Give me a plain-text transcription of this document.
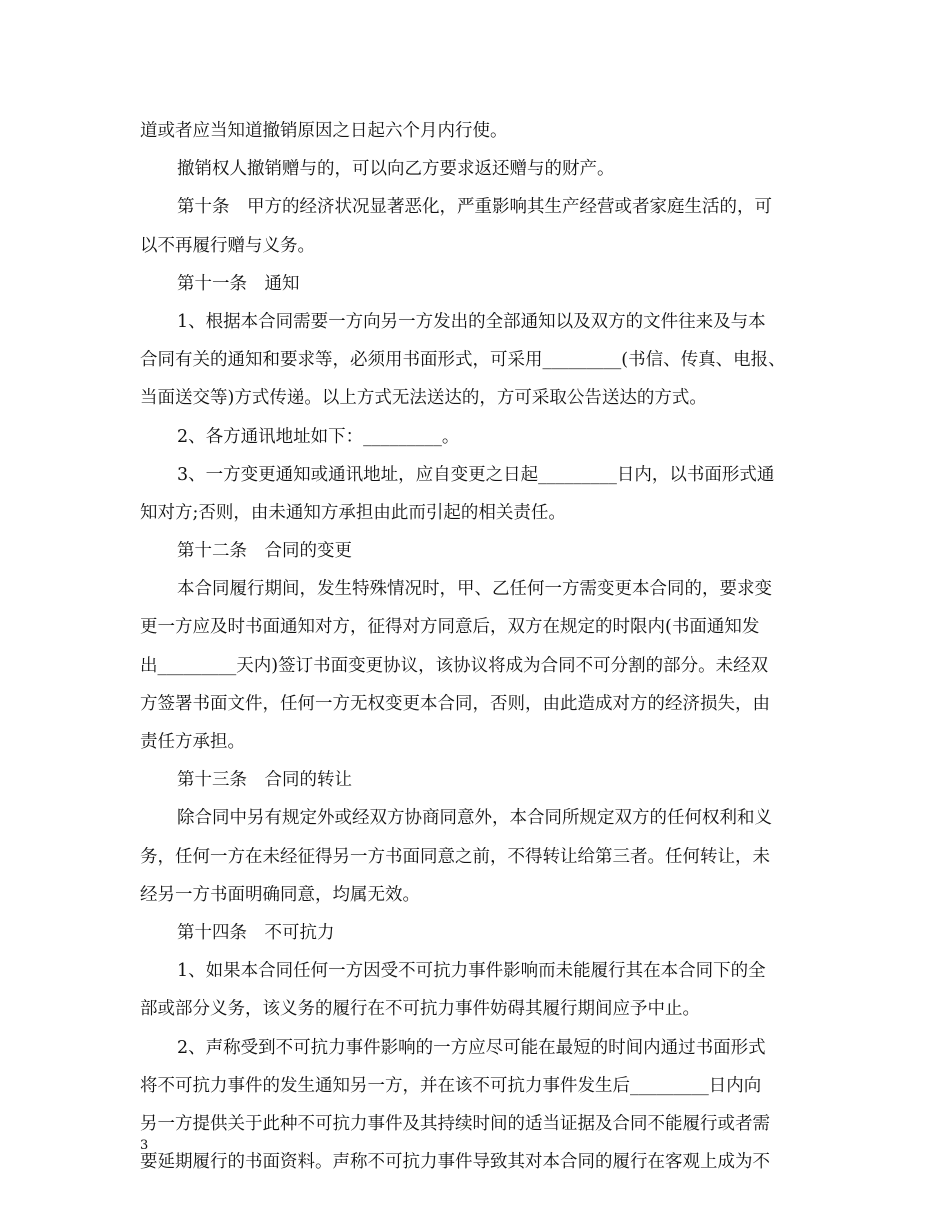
道或者应当知道撤销原因之日起六个月内行使。
撤销权人撤销赠与的，可以向乙方要求返还赠与的财产。
第十条　甲方的经济状况显著恶化，严重影响其生产经营或者家庭生活的，可
以不再履行赠与义务。
第十一条　通知
1、根据本合同需要一方向另一方发出的全部通知以及双方的文件往来及与本
合同有关的通知和要求等，必须用书面形式，可采用_________(书信、传真、电报、
当面送交等)方式传递。以上方式无法送达的，方可采取公告送达的方式。
2、各方通讯地址如下：_________。
3、一方变更通知或通讯地址，应自变更之日起_________日内，以书面形式通
知对方;否则，由未通知方承担由此而引起的相关责任。
第十二条　合同的变更
本合同履行期间，发生特殊情况时，甲、乙任何一方需变更本合同的，要求变
更一方应及时书面通知对方，征得对方同意后，双方在规定的时限内(书面通知发
出_________天内)签订书面变更协议，该协议将成为合同不可分割的部分。未经双
方签署书面文件，任何一方无权变更本合同，否则，由此造成对方的经济损失，由
责任方承担。
第十三条　合同的转让
除合同中另有规定外或经双方协商同意外，本合同所规定双方的任何权利和义
务，任何一方在未经征得另一方书面同意之前，不得转让给第三者。任何转让，未
经另一方书面明确同意，均属无效。
第十四条　不可抗力
1、如果本合同任何一方因受不可抗力事件影响而未能履行其在本合同下的全
部或部分义务，该义务的履行在不可抗力事件妨碍其履行期间应予中止。
2、声称受到不可抗力事件影响的一方应尽可能在最短的时间内通过书面形式
将不可抗力事件的发生通知另一方，并在该不可抗力事件发生后_________日内向
另一方提供关于此种不可抗力事件及其持续时间的适当证据及合同不能履行或者需
要延期履行的书面资料。声称不可抗力事件导致其对本合同的履行在客观上成为不
3
